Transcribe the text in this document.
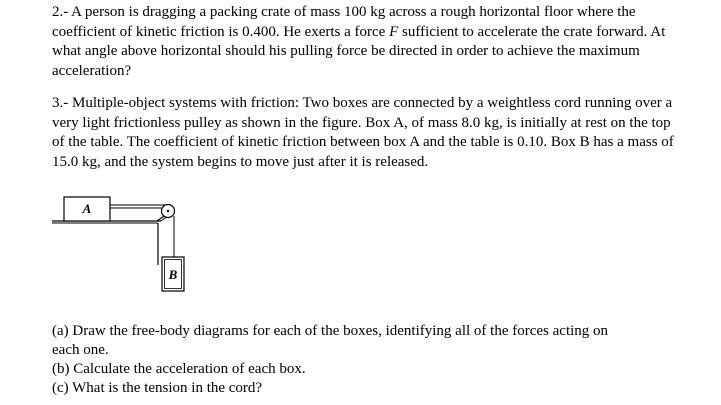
2.- A person is dragging a packing crate of mass 100 kg across a rough horizontal floor where the coefficient of kinetic friction is 0.400. He exerts a force F sufficient to accelerate the crate forward. At what angle above horizontal should his pulling force be directed in order to achieve the maximum acceleration?

3.- Multiple-object systems with friction: Two boxes are connected by a weightless cord running over a very light frictionless pulley as shown in the figure. Box A, of mass 8.0 kg, is initially at rest on the top of the table. The coefficient of kinetic friction between box A and the table is 0.10. Box B has a mass of 15.0 kg, and the system begins to move just after it is released.

A
B
(a) Draw the free-body diagrams for each of the boxes, identifying all of the forces acting on
each one.
(b) Calculate the acceleration of each box.
(c) What is the tension in the cord?
